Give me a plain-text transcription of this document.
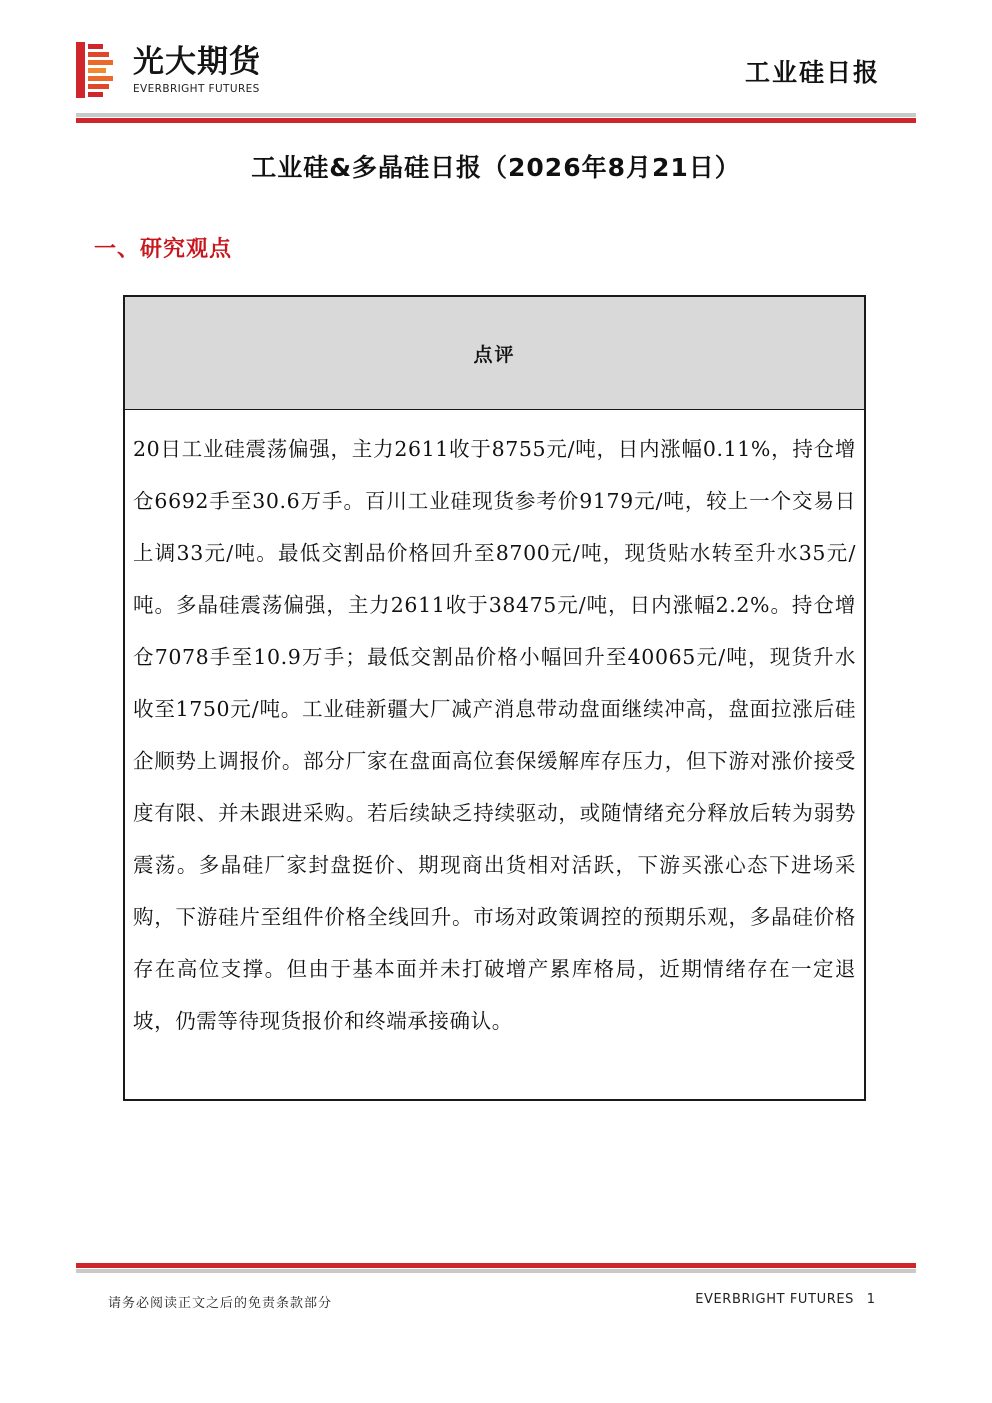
光大期货
EVERBRIGHT FUTURES
工业硅日报
工业硅&多晶硅日报（2026年8月21日）
一、研究观点
点评
20日工业硅震荡偏强，主力2611收于8755元/吨，日内涨幅0.11%，持仓增仓6692手至30.6万手。百川工业硅现货参考价9179元/吨，较上一个交易日上调33元/吨。最低交割品价格回升至8700元/吨，现货贴水转至升水35元/吨。多晶硅震荡偏强，主力2611收于38475元/吨，日内涨幅2.2%。持仓增仓7078手至10.9万手；最低交割品价格小幅回升至40065元/吨，现货升水收至1750元/吨。工业硅新疆大厂减产消息带动盘面继续冲高，盘面拉涨后硅企顺势上调报价。部分厂家在盘面高位套保缓解库存压力，但下游对涨价接受度有限、并未跟进采购。若后续缺乏持续驱动，或随情绪充分释放后转为弱势震荡。多晶硅厂家封盘挺价、期现商出货相对活跃，下游买涨心态下进场采购，下游硅片至组件价格全线回升。市场对政策调控的预期乐观，多晶硅价格存在高位支撑。但由于基本面并未打破增产累库格局，近期情绪存在一定退坡，仍需等待现货报价和终端承接确认。
请务必阅读正文之后的免责条款部分	EVERBRIGHT FUTURES 1
